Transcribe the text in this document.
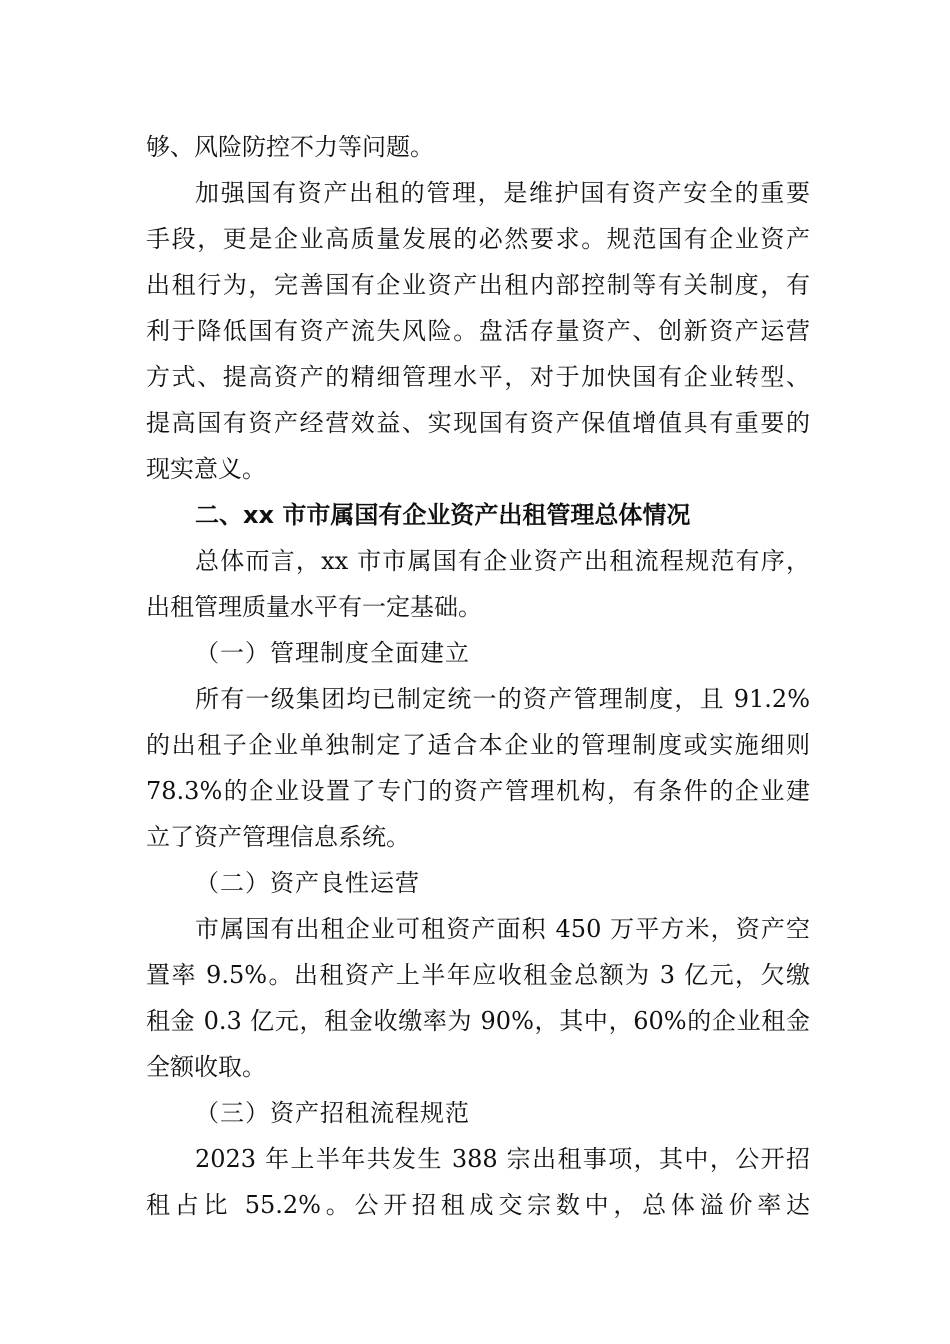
够、风险防控不力等问题。
加强国有资产出租的管理，是维护国有资产安全的重要
手段，更是企业高质量发展的必然要求。规范国有企业资产
出租行为，完善国有企业资产出租内部控制等有关制度，有
利于降低国有资产流失风险。盘活存量资产、创新资产运营
方式、提高资产的精细管理水平，对于加快国有企业转型、
提高国有资产经营效益、实现国有资产保值增值具有重要的
现实意义。
二、xx 市市属国有企业资产出租管理总体情况
总体而言，xx 市市属国有企业资产出租流程规范有序，
出租管理质量水平有一定基础。
（一）管理制度全面建立
所有一级集团均已制定统一的资产管理制度，且 91.2%
的出租子企业单独制定了适合本企业的管理制度或实施细则
78.3%的企业设置了专门的资产管理机构，有条件的企业建
立了资产管理信息系统。
（二）资产良性运营
市属国有出租企业可租资产面积 450 万平方米，资产空
置率 9.5%。出租资产上半年应收租金总额为 3 亿元，欠缴
租金 0.3 亿元，租金收缴率为 90%，其中，60%的企业租金
全额收取。
（三）资产招租流程规范
2023 年上半年共发生 388 宗出租事项，其中，公开招
租占比 55.2%。公开招租成交宗数中，总体溢价率达
